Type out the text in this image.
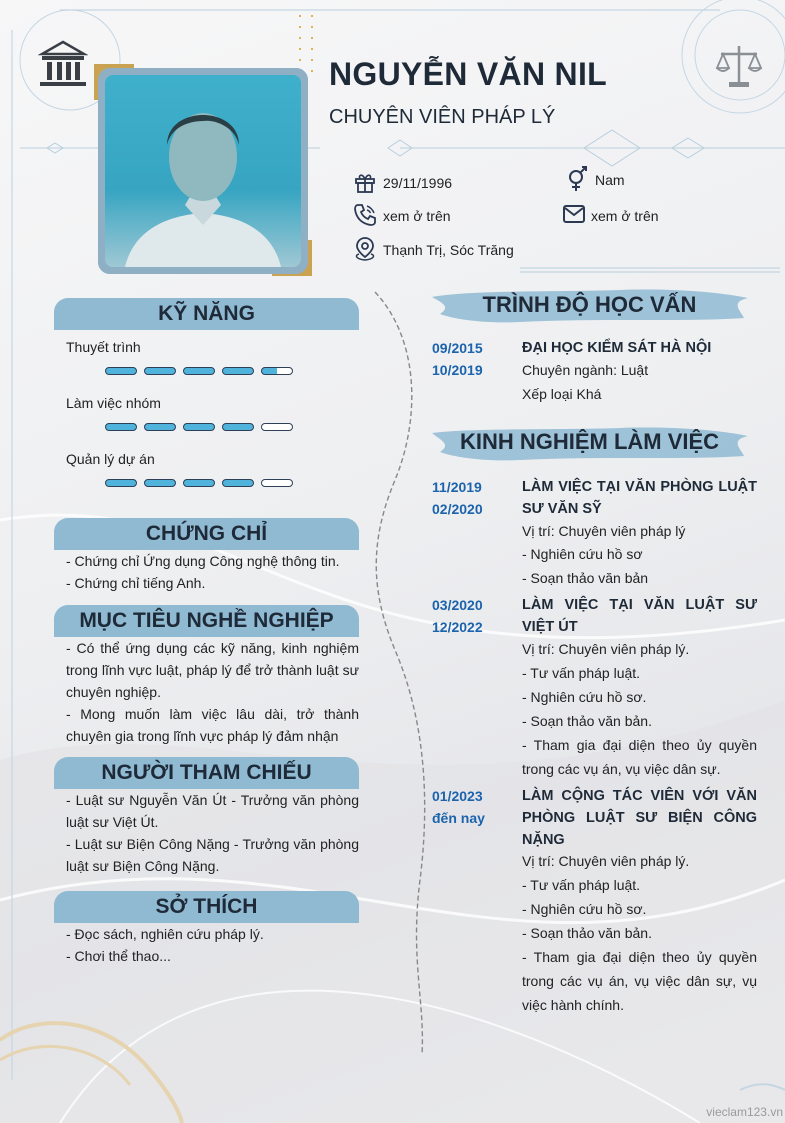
NGUYỄN VĂN NIL
CHUYÊN VIÊN PHÁP LÝ
29/11/1996	Nam
xem ở trên	xem ở trên
Thạnh Trị, Sóc Trăng
KỸ NĂNG
Thuyết trình
Làm việc nhóm
Quản lý dự án
CHỨNG CHỈ
- Chứng chỉ Ứng dụng Công nghệ thông tin.
- Chứng chỉ tiếng Anh.
MỤC TIÊU NGHỀ NGHIỆP
- Có thể ứng dụng các kỹ năng, kinh nghiệm trong lĩnh vực luật, pháp lý để trở thành luật sư chuyên nghiệp.
- Mong muốn làm việc lâu dài, trở thành chuyên gia trong lĩnh vực pháp lý đảm nhận
NGƯỜI THAM CHIẾU
- Luật sư Nguyễn Văn Út - Trưởng văn phòng luật sư Việt Út.
- Luật sư Biện Công Nặng - Trưởng văn phòng luật sư Biện Công Nặng.
SỞ THÍCH
- Đọc sách, nghiên cứu pháp lý.
- Chơi thể thao...
TRÌNH ĐỘ HỌC VẤN
09/2015
10/2019
ĐẠI HỌC KIỂM SÁT HÀ NỘI
Chuyên ngành: Luật
Xếp loại Khá
KINH NGHIỆM LÀM VIỆC
11/2019
02/2020
LÀM VIỆC TẠI VĂN PHÒNG LUẬT SƯ VĂN SỸ
Vị trí: Chuyên viên pháp lý
- Nghiên cứu hồ sơ
- Soạn thảo văn bản
03/2020
12/2022
LÀM VIỆC TẠI VĂN LUẬT SƯ VIỆT ÚT
Vị trí: Chuyên viên pháp lý.
- Tư vấn pháp luật.
- Nghiên cứu hồ sơ.
- Soạn thảo văn bản.
- Tham gia đại diện theo ủy quyền trong các vụ án, vụ việc dân sự.
01/2023
đến nay
LÀM CỘNG TÁC VIÊN VỚI VĂN PHÒNG LUẬT SƯ BIỆN CÔNG NẶNG
Vị trí: Chuyên viên pháp lý.
- Tư vấn pháp luật.
- Nghiên cứu hồ sơ.
- Soạn thảo văn bản.
- Tham gia đại diện theo ủy quyền trong các vụ án, vụ việc dân sự, vụ việc hành chính.
vieclam123.vn
